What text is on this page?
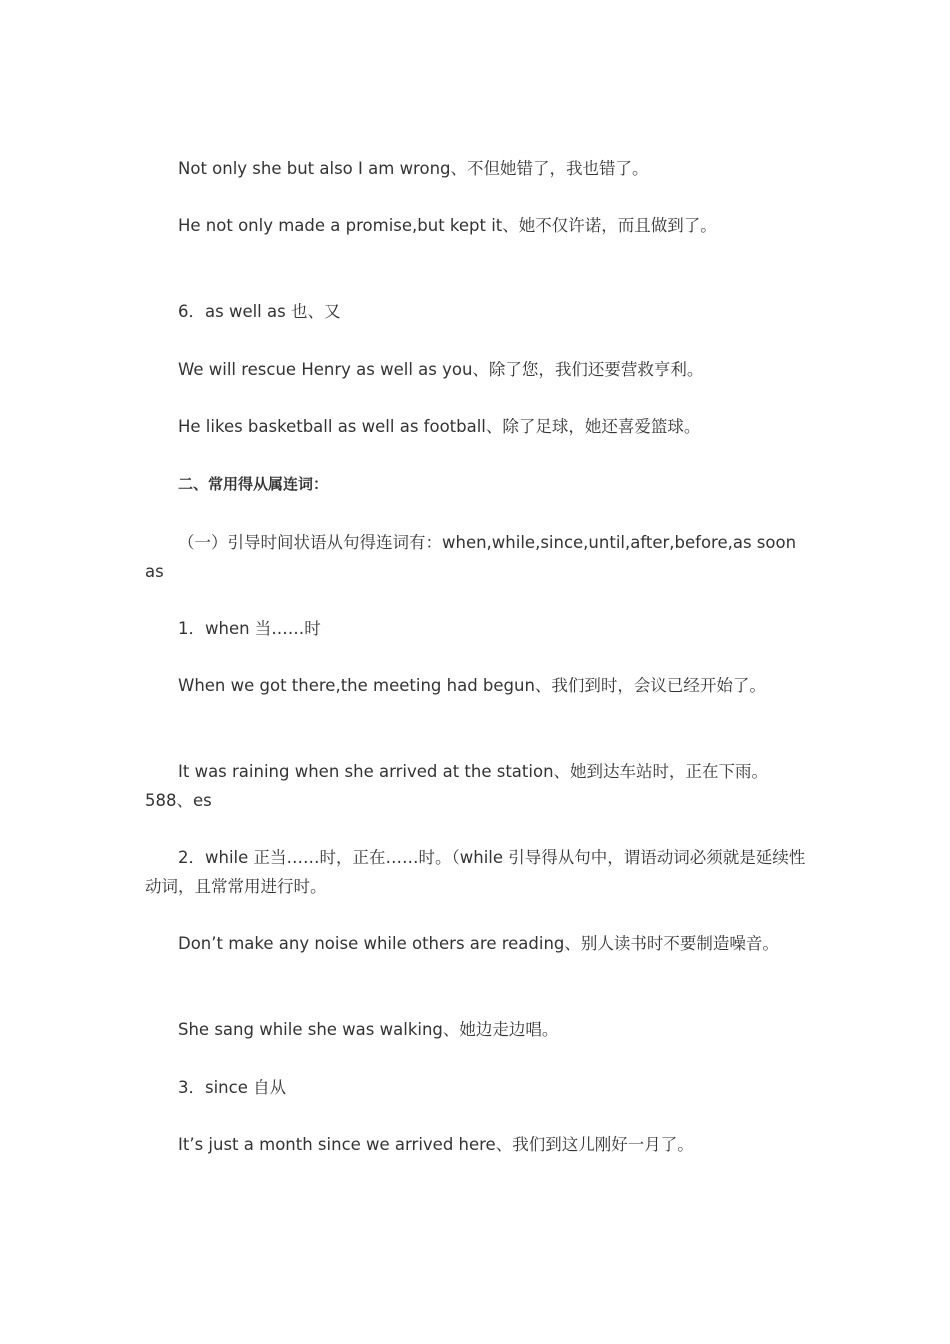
Not only she but also I am wrong、不但她错了，我也错了。

He not only made a promise,but kept it、她不仅许诺，而且做到了。

6．as well as 也、又

We will rescue Henry as well as you、除了您，我们还要营救亨利。

He likes basketball as well as football、除了足球，她还喜爱篮球。

二、常用得从属连词：

（一）引导时间状语从句得连词有：when,while,since,until,after,before,as soon as

1．when 当……时

When we got there,the meeting had begun、我们到时，会议已经开始了。

It was raining when she arrived at the station、她到达车站时，正在下雨。588、es

2．while 正当……时，正在……时。（while 引导得从句中，谓语动词必须就是延续性动词，且常常用进行时。

Don’t make any noise while others are reading、别人读书时不要制造噪音。

She sang while she was walking、她边走边唱。

3．since 自从

It’s just a month since we arrived here、我们到这儿刚好一月了。
